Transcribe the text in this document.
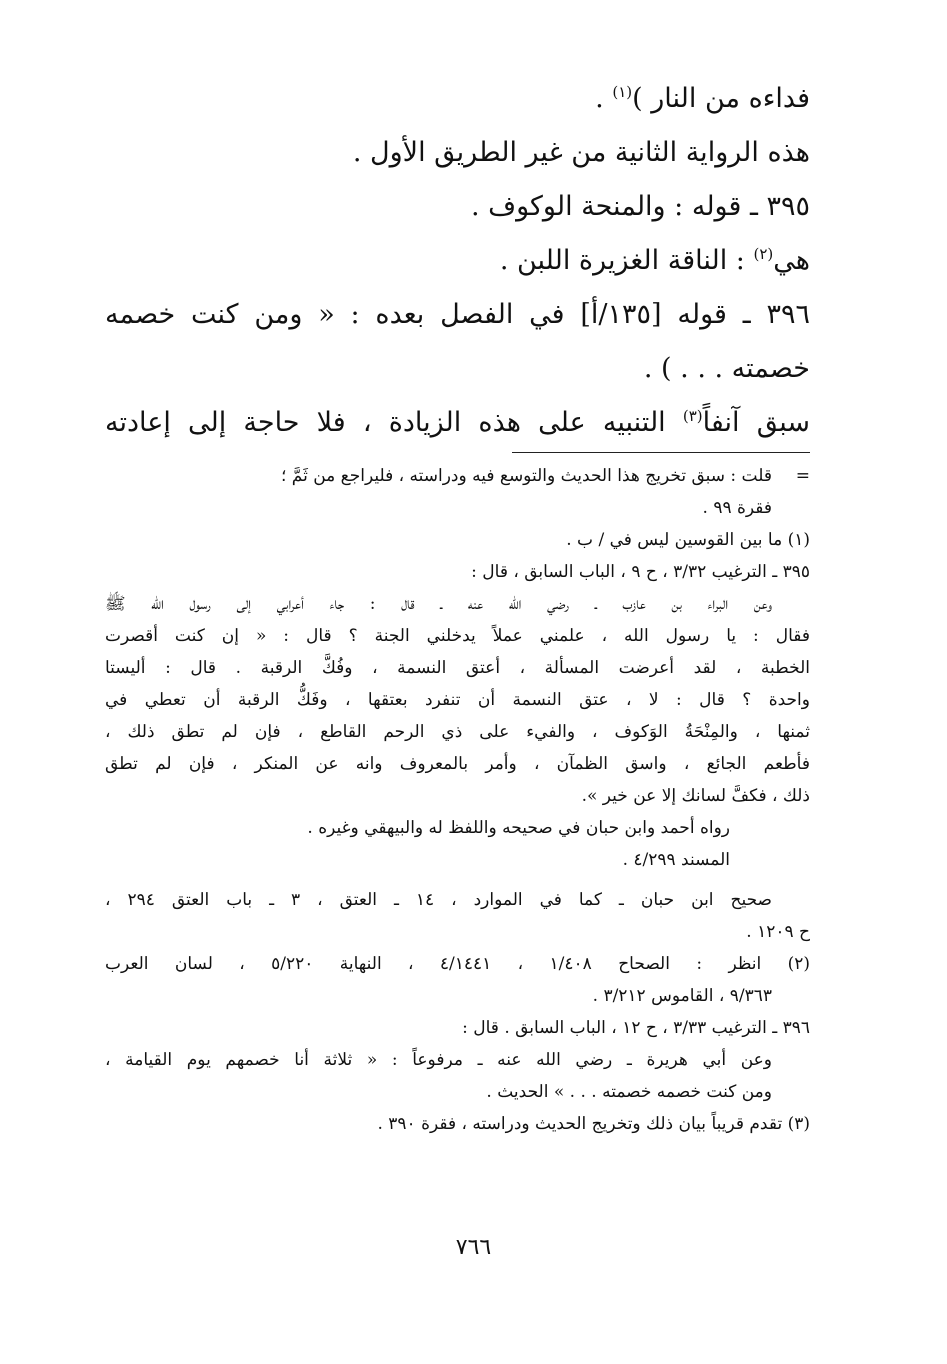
فداءه من النار )$^{(١)}$ .
هذه الرواية الثانية من غير الطريق الأول .
٣٩٥ ـ قوله : والمنحة الوكوف .
هي$^{(٢)}$ : الناقة الغزيرة اللبن .
٣٩٦ ـ قوله [١٣٥/أ] في الفصل بعده : « ومن كنت خصمه
خصمته . . . ) .
سبق آنفاً$^{(٣)}$ التنبيه على هذه الزيادة ، فلا حاجة إلى إعادته
=قلت : سبق تخريج هذا الحديث والتوسع فيه ودراسته ، فليراجع من ثَمَّ ؛
فقرة ٩٩ .
(١) ما بين القوسين ليس في / ب .
٣٩٥ ـ الترغيب ٣/٣٢ ، ح ٩ ، الباب السابق ، قال :
وعن البراء بن عازب ـ رضي الله عنه ـ قال : جاء أعرابي إلى رسول الله ﷺ
فقال : يا رسول الله ، علمني عملاً يدخلني الجنة ؟ قال : « إن كنت أقصرت
الخطبة ، لقد أعرضت المسألة ، أعتق النسمة ، وفُكَّ الرقبة . قال : أليستا
واحدة ؟ قال : لا ، عتق النسمة أن تنفرد بعتقها ، وفَكُّ الرقبة أن تعطي في
ثمنها ، والمِنْحَةُ الوَكوف ، والفيء على ذي الرحم القاطع ، فإن لم تطق ذلك ،
فأطعم الجائع ، واسق الظمآن ، وأمر بالمعروف وانه عن المنكر ، فإن لم تطق
ذلك ، فكفَّ لسانك إلا عن خير ».
رواه أحمد وابن حبان في صحيحه واللفظ له والبيهقي وغيره .
المسند ٤/٢٩٩ .
صحيح ابن حبان ـ كما في الموارد ، ١٤ ـ العتق ، ٣ ـ باب العتق ٢٩٤ ،
ح ١٢٠٩ .
(٢) انظر : الصحاح ١/٤٠٨ ، ٤/١٤٤١ ، النهاية ٥/٢٢٠ ، لسان العرب
٩/٣٦٣ ، القاموس ٣/٢١٢ .
٣٩٦ ـ الترغيب ٣/٣٣ ، ح ١٢ ، الباب السابق . قال :
وعن أبي هريرة ـ رضي الله عنه ـ مرفوعاً : « ثلاثة أنا خصمهم يوم القيامة ،
ومن كنت خصمه خصمته . . . » الحديث .
(٣) تقدم قريباً بيان ذلك وتخريج الحديث ودراسته ، فقرة ٣٩٠ .
٧٦٦
